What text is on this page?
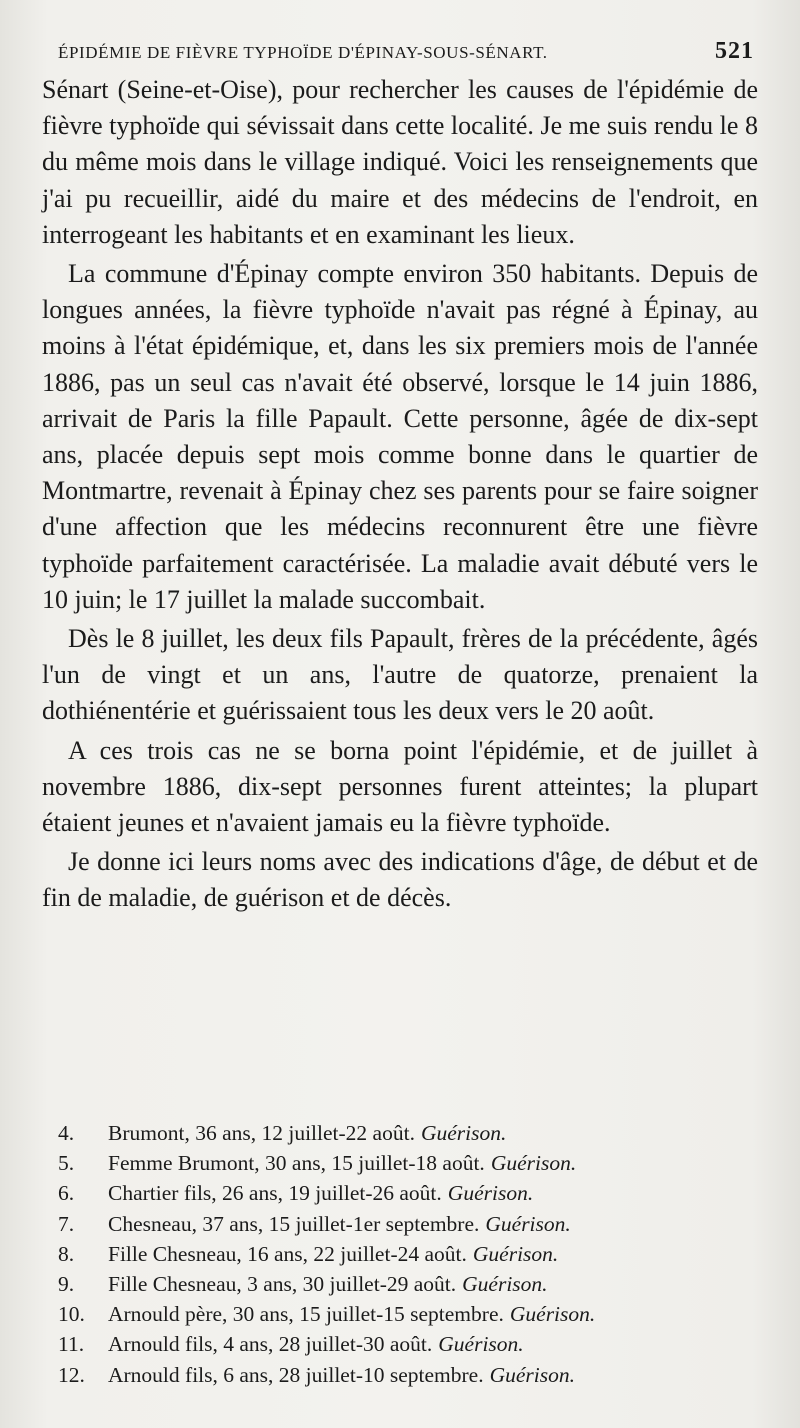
ÉPIDÉMIE DE FIÈVRE TYPHOÏDE D'ÉPINAY-SOUS-SÉNART.	521

Sénart (Seine-et-Oise), pour rechercher les causes de l'épidémie de fièvre typhoïde qui sévissait dans cette localité. Je me suis rendu le 8 du même mois dans le village indiqué. Voici les renseignements que j'ai pu recueillir, aidé du maire et des médecins de l'endroit, en interrogeant les habitants et en examinant les lieux.

La commune d'Épinay compte environ 350 habitants. Depuis de longues années, la fièvre typhoïde n'avait pas régné à Épinay, au moins à l'état épidémique, et, dans les six premiers mois de l'année 1886, pas un seul cas n'avait été observé, lorsque le 14 juin 1886, arrivait de Paris la fille Papault. Cette personne, âgée de dix-sept ans, placée depuis sept mois comme bonne dans le quartier de Montmartre, revenait à Épinay chez ses parents pour se faire soigner d'une affection que les médecins reconnurent être une fièvre typhoïde parfaitement caractérisée. La maladie avait débuté vers le 10 juin; le 17 juillet la malade succombait.

Dès le 8 juillet, les deux fils Papault, frères de la précédente, âgés l'un de vingt et un ans, l'autre de quatorze, prenaient la dothiénentérie et guérissaient tous les deux vers le 20 août.

A ces trois cas ne se borna point l'épidémie, et de juillet à novembre 1886, dix-sept personnes furent atteintes; la plupart étaient jeunes et n'avaient jamais eu la fièvre typhoïde.

Je donne ici leurs noms avec des indications d'âge, de début et de fin de maladie, de guérison et de décès.

4.	Brumont, 36 ans, 12 juillet-22 août. Guérison.
5.	Femme Brumont, 30 ans, 15 juillet-18 août. Guérison.
6.	Chartier fils, 26 ans, 19 juillet-26 août. Guérison.
7.	Chesneau, 37 ans, 15 juillet-1er septembre. Guérison.
8.	Fille Chesneau, 16 ans, 22 juillet-24 août. Guérison.
9.	Fille Chesneau, 3 ans, 30 juillet-29 août. Guérison.
10.	Arnould père, 30 ans, 15 juillet-15 septembre. Guérison.
11.	Arnould fils, 4 ans, 28 juillet-30 août. Guérison.
12.	Arnould fils, 6 ans, 28 juillet-10 septembre. Guérison.
